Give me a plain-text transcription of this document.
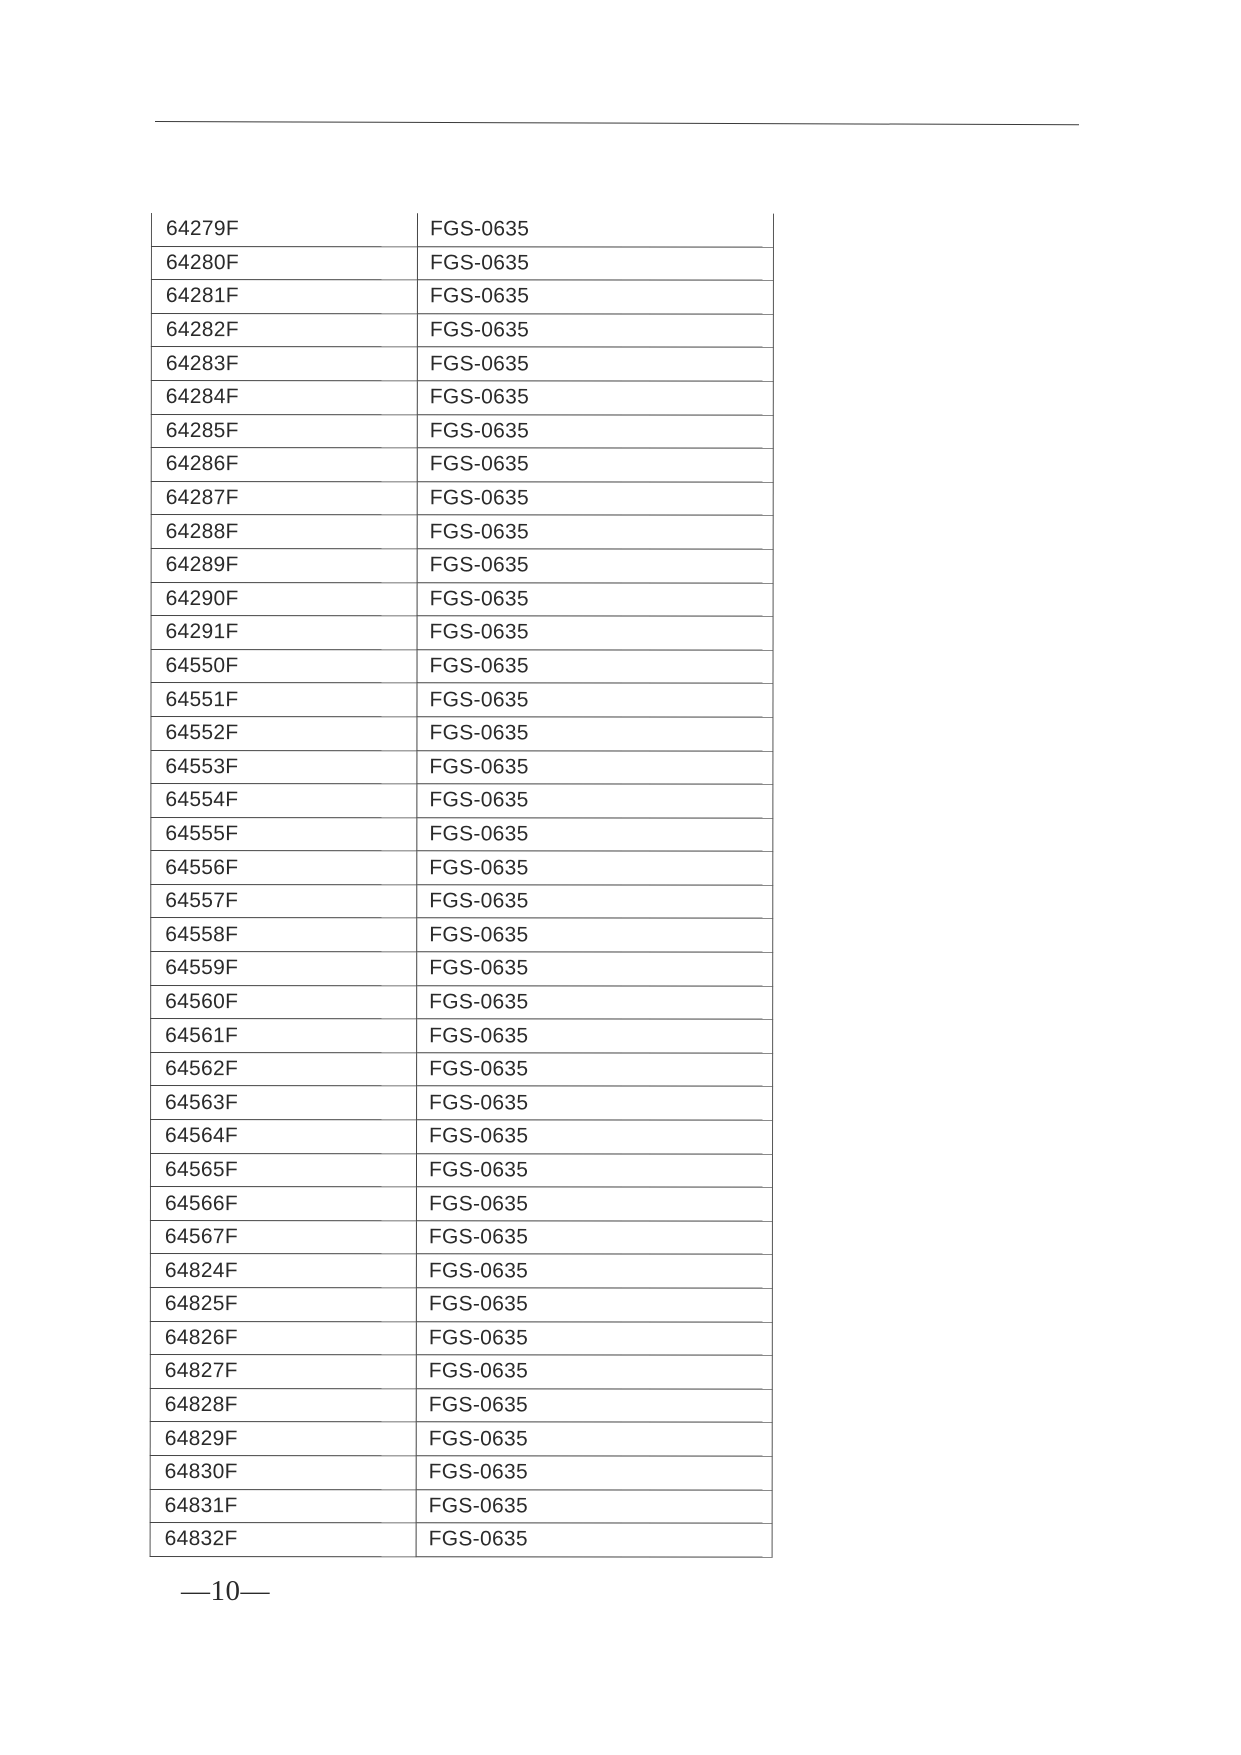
64279F	FGS-0635
64280F	FGS-0635
64281F	FGS-0635
64282F	FGS-0635
64283F	FGS-0635
64284F	FGS-0635
64285F	FGS-0635
64286F	FGS-0635
64287F	FGS-0635
64288F	FGS-0635
64289F	FGS-0635
64290F	FGS-0635
64291F	FGS-0635
64550F	FGS-0635
64551F	FGS-0635
64552F	FGS-0635
64553F	FGS-0635
64554F	FGS-0635
64555F	FGS-0635
64556F	FGS-0635
64557F	FGS-0635
64558F	FGS-0635
64559F	FGS-0635
64560F	FGS-0635
64561F	FGS-0635
64562F	FGS-0635
64563F	FGS-0635
64564F	FGS-0635
64565F	FGS-0635
64566F	FGS-0635
64567F	FGS-0635
64824F	FGS-0635
64825F	FGS-0635
64826F	FGS-0635
64827F	FGS-0635
64828F	FGS-0635
64829F	FGS-0635
64830F	FGS-0635
64831F	FGS-0635
64832F	FGS-0635
—10—
